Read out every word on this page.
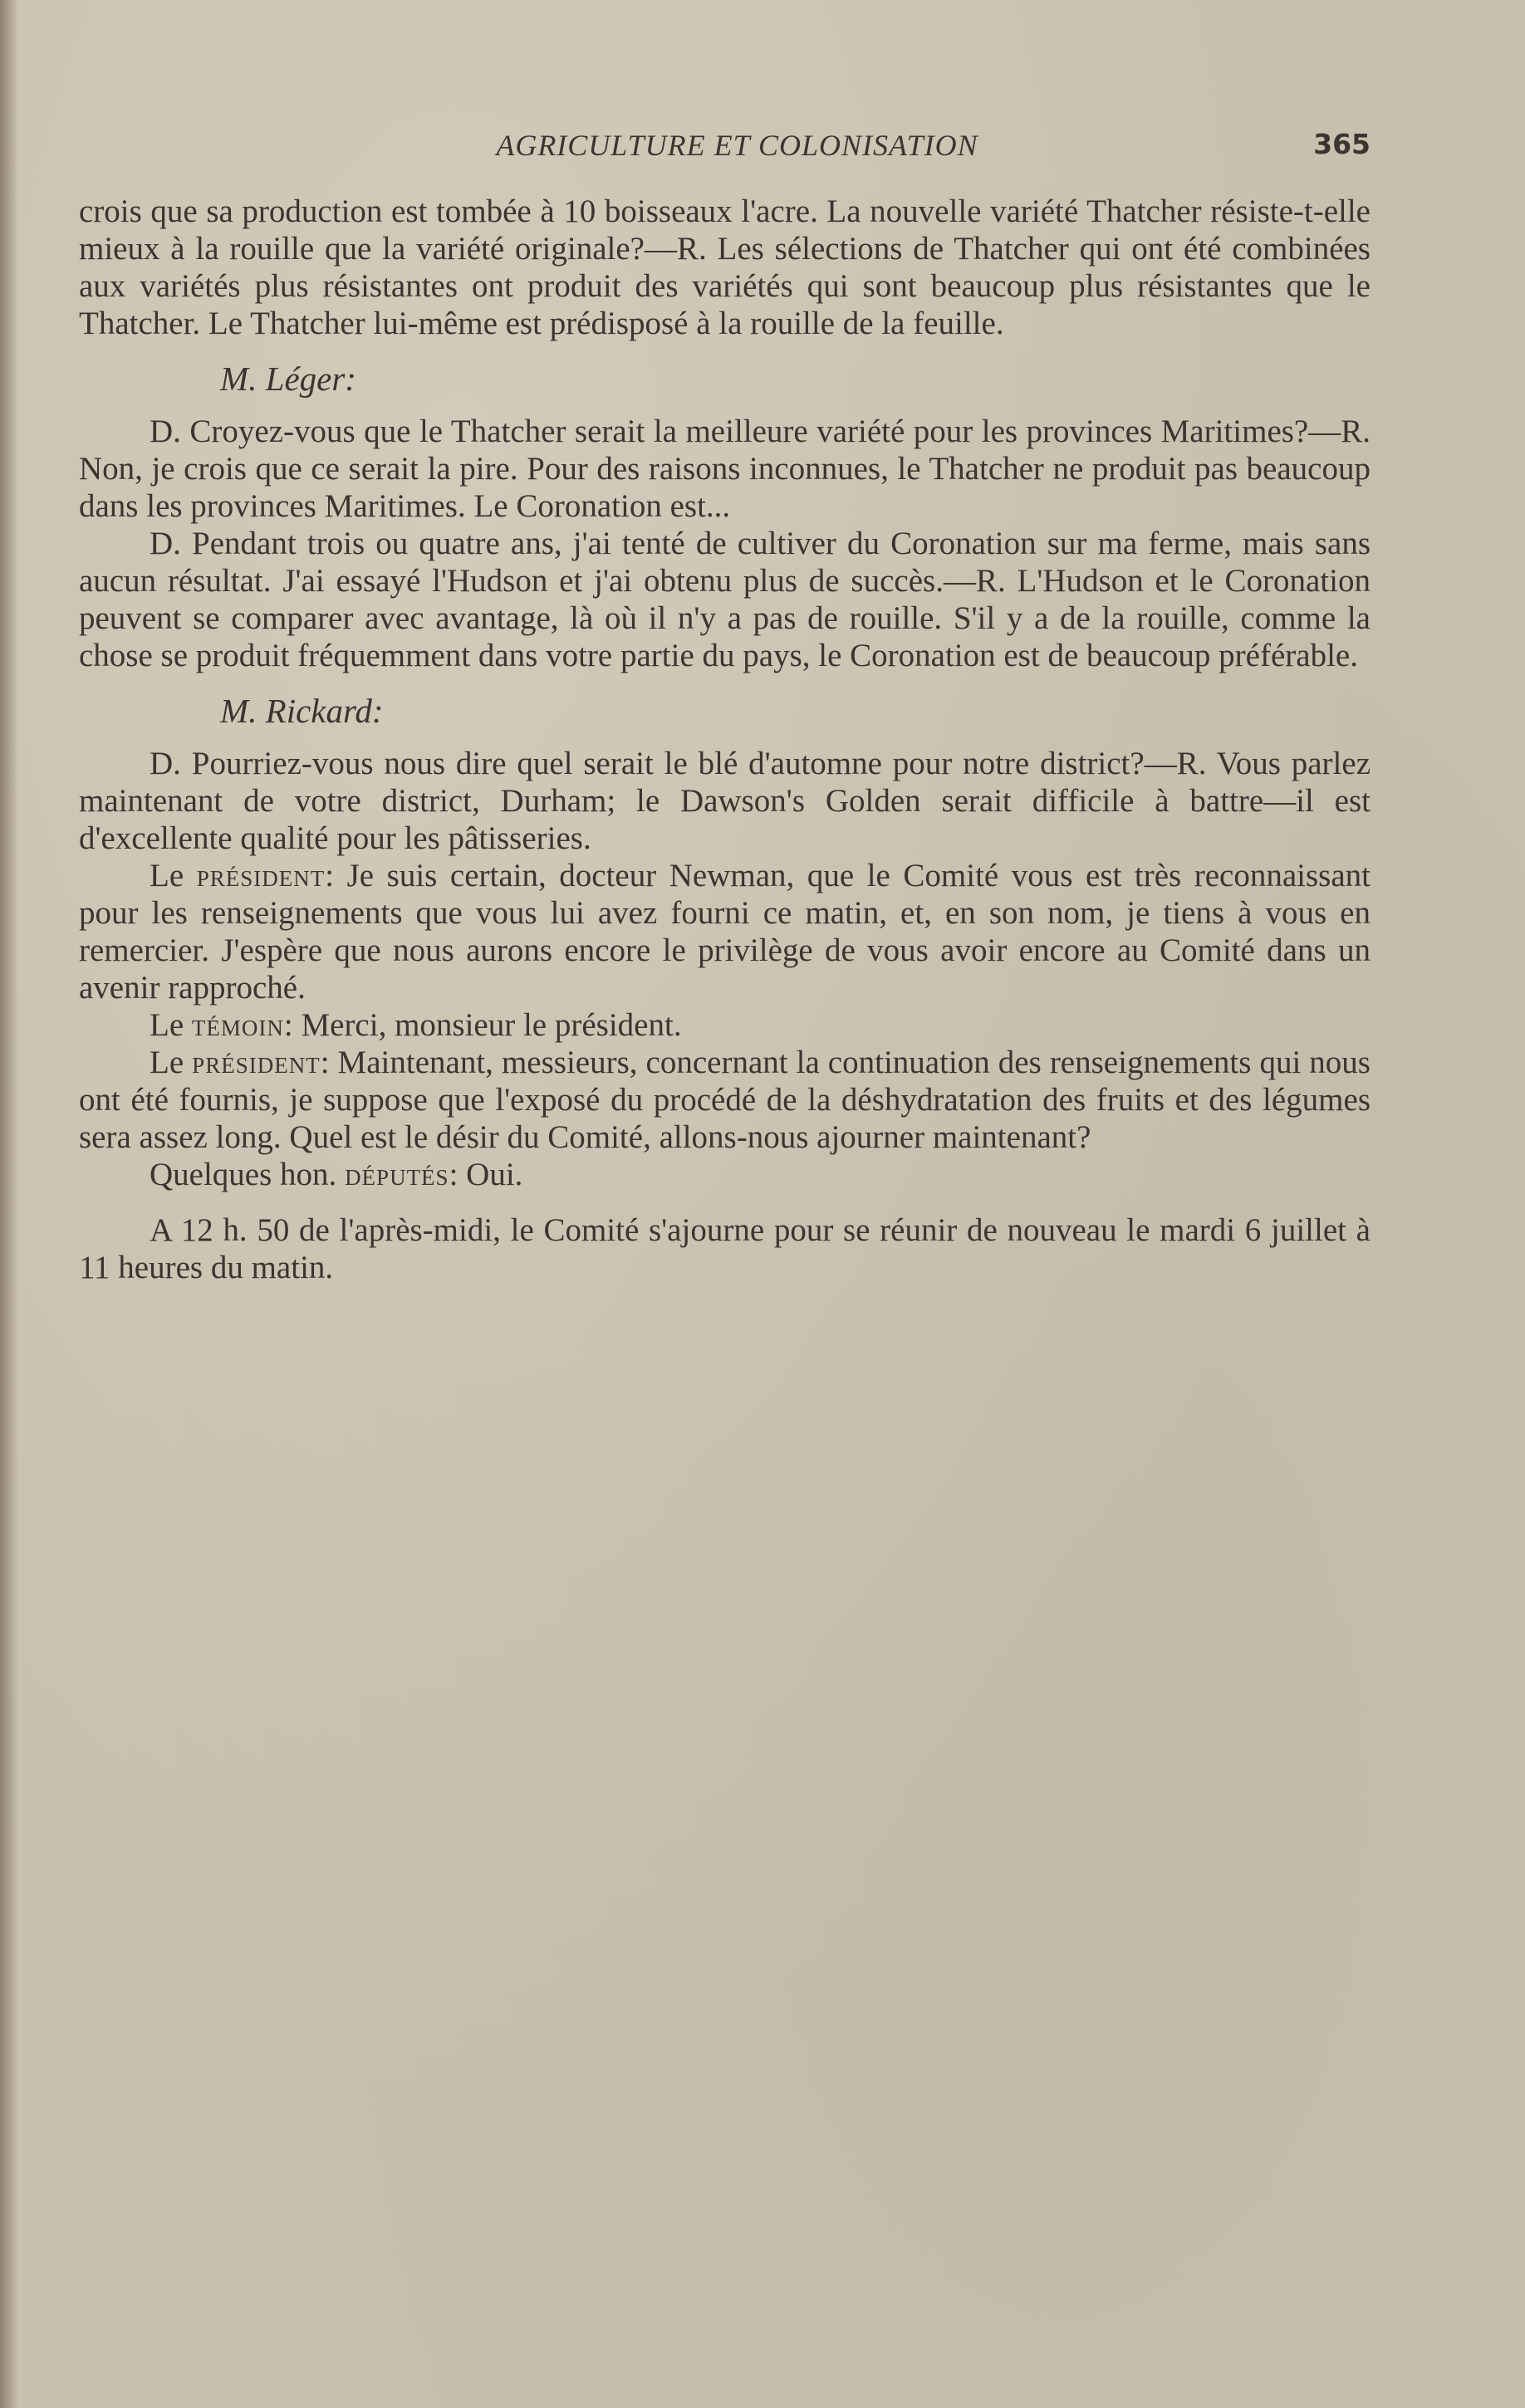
AGRICULTURE ET COLONISATION	365

crois que sa production est tombée à 10 boisseaux l'acre. La nouvelle variété Thatcher résiste-t-elle mieux à la rouille que la variété originale?—R. Les sélections de Thatcher qui ont été combinées aux variétés plus résistantes ont produit des variétés qui sont beaucoup plus résistantes que le Thatcher. Le Thatcher lui-même est prédisposé à la rouille de la feuille.

M. Léger:

D. Croyez-vous que le Thatcher serait la meilleure variété pour les provinces Maritimes?—R. Non, je crois que ce serait la pire. Pour des raisons inconnues, le Thatcher ne produit pas beaucoup dans les provinces Maritimes. Le Coronation est...

D. Pendant trois ou quatre ans, j'ai tenté de cultiver du Coronation sur ma ferme, mais sans aucun résultat. J'ai essayé l'Hudson et j'ai obtenu plus de succès.—R. L'Hudson et le Coronation peuvent se comparer avec avantage, là où il n'y a pas de rouille. S'il y a de la rouille, comme la chose se produit fréquemment dans votre partie du pays, le Coronation est de beaucoup préférable.

M. Rickard:

D. Pourriez-vous nous dire quel serait le blé d'automne pour notre district?—R. Vous parlez maintenant de votre district, Durham; le Dawson's Golden serait difficile à battre—il est d'excellente qualité pour les pâtisseries.

Le président: Je suis certain, docteur Newman, que le Comité vous est très reconnaissant pour les renseignements que vous lui avez fourni ce matin, et, en son nom, je tiens à vous en remercier. J'espère que nous aurons encore le privilège de vous avoir encore au Comité dans un avenir rapproché.

Le témoin: Merci, monsieur le président.

Le président: Maintenant, messieurs, concernant la continuation des renseignements qui nous ont été fournis, je suppose que l'exposé du procédé de la déshydratation des fruits et des légumes sera assez long. Quel est le désir du Comité, allons-nous ajourner maintenant?

Quelques hon. députés: Oui.

A 12 h. 50 de l'après-midi, le Comité s'ajourne pour se réunir de nouveau le mardi 6 juillet à 11 heures du matin.
